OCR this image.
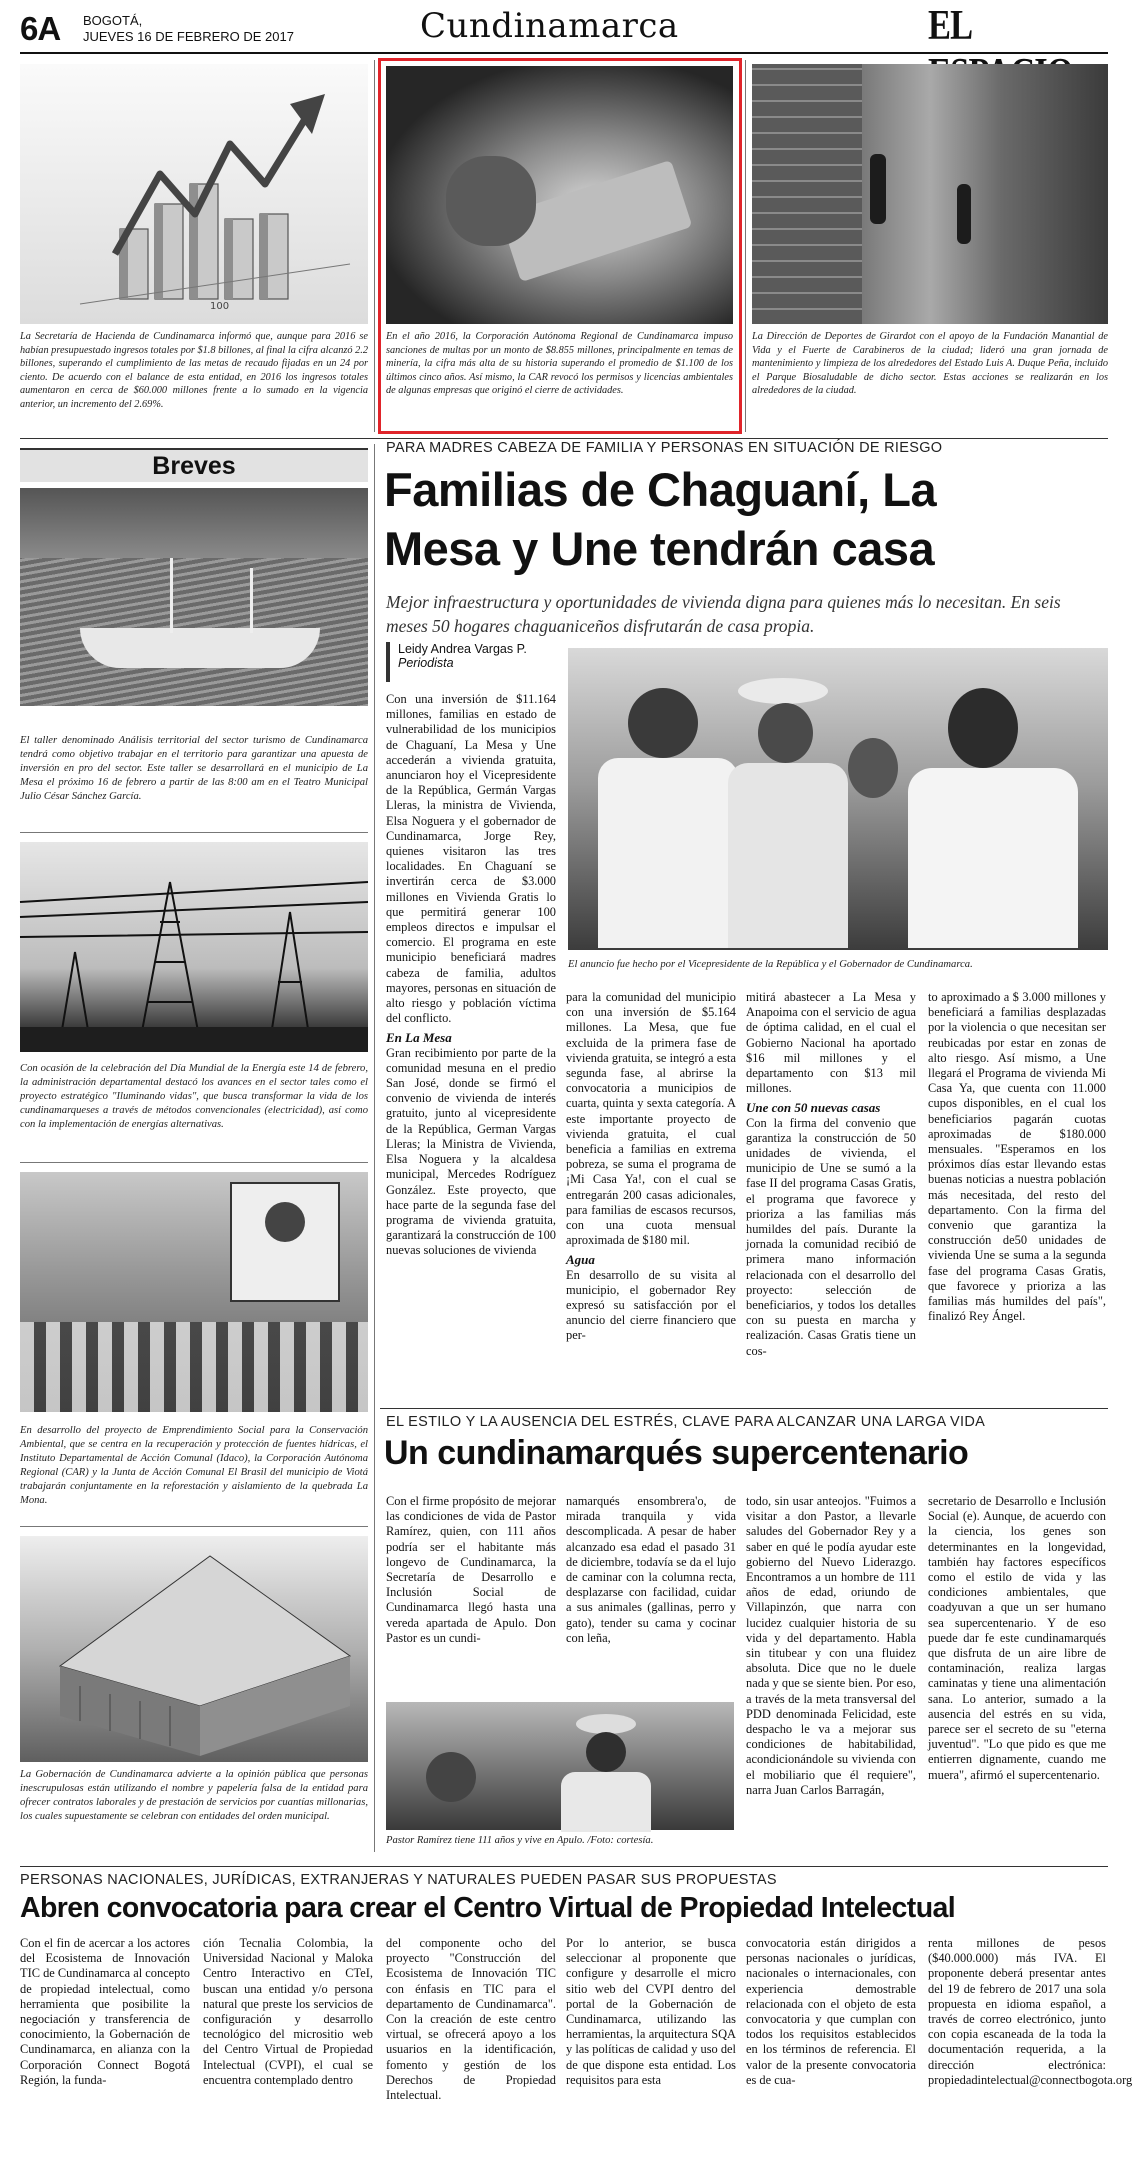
6A BOGOTÁ,
JUEVES 16 DE FEBRERO DE 2017	Cundinamarca	EL
100
La Secretaría de Hacienda de Cundinamarca informó que, aunque para 2016 se habían presupuestado ingresos totales por $1.8 billones, al final la cifra alcanzó 2.2 billones, superando el cumplimiento de las metas de recaudo fijadas en un 24 por ciento. De acuerdo con el balance de esta entidad, en 2016 los ingresos totales aumentaron en cerca de $60.000 millones frente a lo sumado en la vigencia anterior, un incremento del 2.69%.
En el año 2016, la Corporación Autónoma Regional de Cundinamarca impuso sanciones de multas por un monto de $8.855 millones, principalmente en temas de minería, la cifra más alta de su historia superando el promedio de $1.100 de los últimos cinco años. Así mismo, la CAR revocó los permisos y licencias ambientales de algunas empresas que originó el cierre de actividades.
La Dirección de Deportes de Girardot con el apoyo de la Fundación Manantial de Vida y el Fuerte de Carabineros de la ciudad; lideró una gran jornada de mantenimiento y limpieza de los alrededores del Estado Luis A. Duque Peña, incluido el Parque Biosaludable de dicho sector. Estas acciones se realizarán en los alrededores de la ciudad.
Breves
El taller denominado Análisis territorial del sector turismo de Cundinamarca tendrá como objetivo trabajar en el territorio para garantizar una apuesta de inversión en pro del sector. Este taller se desarrollará en el municipio de La Mesa el próximo 16 de febrero a partir de las 8:00 am en el Teatro Municipal Julio César Sánchez García.
Con ocasión de la celebración del Día Mundial de la Energía este 14 de febrero, la administración departamental destacó los avances en el sector tales como el proyecto estratégico "Iluminando vidas", que busca transformar la vida de los cundinamarqueses a través de métodos convencionales (electricidad), así como con la implementación de energías alternativas.
En desarrollo del proyecto de Emprendimiento Social para la Conservación Ambiental, que se centra en la recuperación y protección de fuentes hídricas, el Instituto Departamental de Acción Comunal (Idaco), la Corporación Autónoma Regional (CAR) y la Junta de Acción Comunal El Brasil del municipio de Viotá trabajarán conjuntamente en la reforestación y aislamiento de la quebrada La Mona.
La Gobernación de Cundinamarca advierte a la opinión pública que personas inescrupulosas están utilizando el nombre y papelería falsa de la entidad para ofrecer contratos laborales y de prestación de servicios por cuantías millonarias, los cuales supuestamente se celebran con entidades del orden municipal.
PARA MADRES CABEZA DE FAMILIA Y PERSONAS EN SITUACIÓN DE RIESGO
Familias de Chaguaní, La
Mesa y Une tendrán casa
Mejor infraestructura y oportunidades de vivienda digna para quienes más lo necesitan. En seis meses 50 hogares chaguaniceños disfrutarán de casa propia.
Leidy Andrea Vargas P.
Periodista

Con una inversión de $11.164 millones, familias en estado de vulnerabilidad de los municipios de Chaguaní, La Mesa y Une accederán a vivienda gratuita, anunciaron hoy el Vicepresidente de la República, Germán Vargas Lleras, la ministra de Vivienda, Elsa Noguera y el gobernador de Cundinamarca, Jorge Rey, quienes visitaron las tres localidades. En Chaguaní se invertirán cerca de $3.000 millones en Vivienda Gratis lo que permitirá generar 100 empleos directos e impulsar el comercio. El programa en este municipio beneficiará madres cabeza de familia, adultos mayores, personas en situación de alto riesgo y población víctima del conflicto.

En La Mesa

Gran recibimiento por parte de la comunidad mesuna en el predio San José, donde se firmó el convenio de vivienda de interés gratuito, junto al vicepresidente de la República, German Vargas Lleras; la Ministra de Vivienda, Elsa Noguera y la alcaldesa municipal, Mercedes Rodríguez González. Este proyecto, que hace parte de la segunda fase del programa de vivienda gratuita, garantizará la construcción de 100 nuevas soluciones de vivienda

El anuncio fue hecho por el Vicepresidente de la República y el Gobernador de Cundinamarca.

para la comunidad del municipio con una inversión de $5.164 millones. La Mesa, que fue excluida de la primera fase de vivienda gratuita, se integró a esta segunda fase, al abrirse la convocatoria a municipios de cuarta, quinta y sexta categoría. A este importante proyecto de vivienda gratuita, el cual beneficia a familias en extrema pobreza, se suma el programa de ¡Mi Casa Ya!, con el cual se entregarán 200 casas adicionales, para familias de escasos recursos, con una cuota mensual aproximada de $180 mil.

Agua

En desarrollo de su visita al municipio, el gobernador Rey expresó su satisfacción por el anuncio del cierre financiero que per-

mitirá abastecer a La Mesa y Anapoima con el servicio de agua de óptima calidad, en el cual el Gobierno Nacional ha aportado $16 mil millones y el departamento con $13 mil millones.

Une con 50 nuevas casas

Con la firma del convenio que garantiza la construcción de 50 unidades de vivienda, el municipio de Une se sumó a la fase II del programa Casas Gratis, el programa que favorece y prioriza a las familias más humildes del país. Durante la jornada la comunidad recibió de primera mano información relacionada con el desarrollo del proyecto: selección de beneficiarios, y todos los detalles con su puesta en marcha y realización. Casas Gratis tiene un cos-

to aproximado a $ 3.000 millones y beneficiará a familias desplazadas por la violencia o que necesitan ser reubicadas por estar en zonas de alto riesgo. Así mismo, a Une llegará el Programa de vivienda Mi Casa Ya, que cuenta con 11.000 cupos disponibles, en el cual los beneficiarios pagarán cuotas aproximadas de $180.000 mensuales. "Esperamos en los próximos días estar llevando estas buenas noticias a nuestra población más necesitada, del resto del departamento. Con la firma del convenio que garantiza la construcción de50 unidades de vivienda Une se suma a la segunda fase del programa Casas Gratis, que favorece y prioriza a las familias más humildes del país", finalizó Rey Ángel.

EL ESTILO Y LA AUSENCIA DEL ESTRÉS, CLAVE PARA ALCANZAR UNA LARGA VIDA
Un cundinamarqués supercentenario

Con el firme propósito de mejorar las condiciones de vida de Pastor Ramírez, quien, con 111 años podría ser el habitante más longevo de Cundinamarca, la Secretaría de Desarrollo e Inclusión Social de Cundinamarca llegó hasta una vereda apartada de Apulo. Don Pastor es un cundi-

namarqués ensombrera'o, de mirada tranquila y vida descomplicada. A pesar de haber alcanzado esa edad el pasado 31 de diciembre, todavía se da el lujo de caminar con la columna recta, desplazarse con facilidad, cuidar a sus animales (gallinas, perro y gato), tender su cama y cocinar con leña,

Pastor Ramírez tiene 111 años y vive en Apulo. /Foto: cortesía.

todo, sin usar anteojos. "Fuimos a visitar a don Pastor, a llevarle saludes del Gobernador Rey y a saber en qué le podía ayudar este gobierno del Nuevo Liderazgo. Encontramos a un hombre de 111 años de edad, oriundo de Villapinzón, que narra con lucidez cualquier historia de su vida y del departamento. Habla sin titubear y con una fluidez absoluta. Dice que no le duele nada y que se siente bien. Por eso, a través de la meta transversal del PDD denominada Felicidad, este despacho le va a mejorar sus condiciones de habitabilidad, acondicionándole su vivienda con el mobiliario que él requiere", narra Juan Carlos Barragán,

secretario de Desarrollo e Inclusión Social (e). Aunque, de acuerdo con la ciencia, los genes son determinantes en la longevidad, también hay factores específicos como el estilo de vida y las condiciones ambientales, que coadyuvan a que un ser humano sea supercentenario. Y de eso puede dar fe este cundinamarqués que disfruta de un aire libre de contaminación, realiza largas caminatas y tiene una alimentación sana. Lo anterior, sumado a la ausencia del estrés en su vida, parece ser el secreto de su "eterna juventud". "Lo que pido es que me entierren dignamente, cuando me muera", afirmó el supercentenario.

PERSONAS NACIONALES, JURÍDICAS, EXTRANJERAS Y NATURALES PUEDEN PASAR SUS PROPUESTAS
Abren convocatoria para crear el Centro Virtual de Propiedad Intelectual

Con el fin de acercar a los actores del Ecosistema de Innovación TIC de Cundinamarca al concepto de propiedad intelectual, como herramienta que posibilite la negociación y transferencia de conocimiento, la Gobernación de Cundinamarca, en alianza con la Corporación Connect Bogotá Región, la funda-

ción Tecnalia Colombia, la Universidad Nacional y Maloka Centro Interactivo en CTeI, buscan una entidad y/o persona natural que preste los servicios de configuración y desarrollo tecnológico del micrositio web del Centro Virtual de Propiedad Intelectual (CVPI), el cual se encuentra contemplado dentro

del componente ocho del proyecto "Construcción del Ecosistema de Innovación TIC con énfasis en TIC para el departamento de Cundinamarca". Con la creación de este centro virtual, se ofrecerá apoyo a los usuarios en la identificación, fomento y gestión de los Derechos de Propiedad Intelectual.

Por lo anterior, se busca seleccionar al proponente que configure y desarrolle el micro sitio web del CVPI dentro del portal de la Gobernación de Cundinamarca, utilizando las herramientas, la arquitectura SQA y las políticas de calidad y uso del de que dispone esta entidad. Los requisitos para esta

convocatoria están dirigidos a personas nacionales o jurídicas, nacionales o internacionales, con experiencia demostrable relacionada con el objeto de esta convocatoria y que cumplan con todos los requisitos establecidos en los términos de referencia. El valor de la presente convocatoria es de cua-

renta millones de pesos ($40.000.000) más IVA. El proponente deberá presentar antes del 19 de febrero de 2017 una sola propuesta en idioma español, a través de correo electrónico, junto con copia escaneada de la toda la documentación requerida, a la dirección electrónica: propiedadintelectual@connectbogota.org
